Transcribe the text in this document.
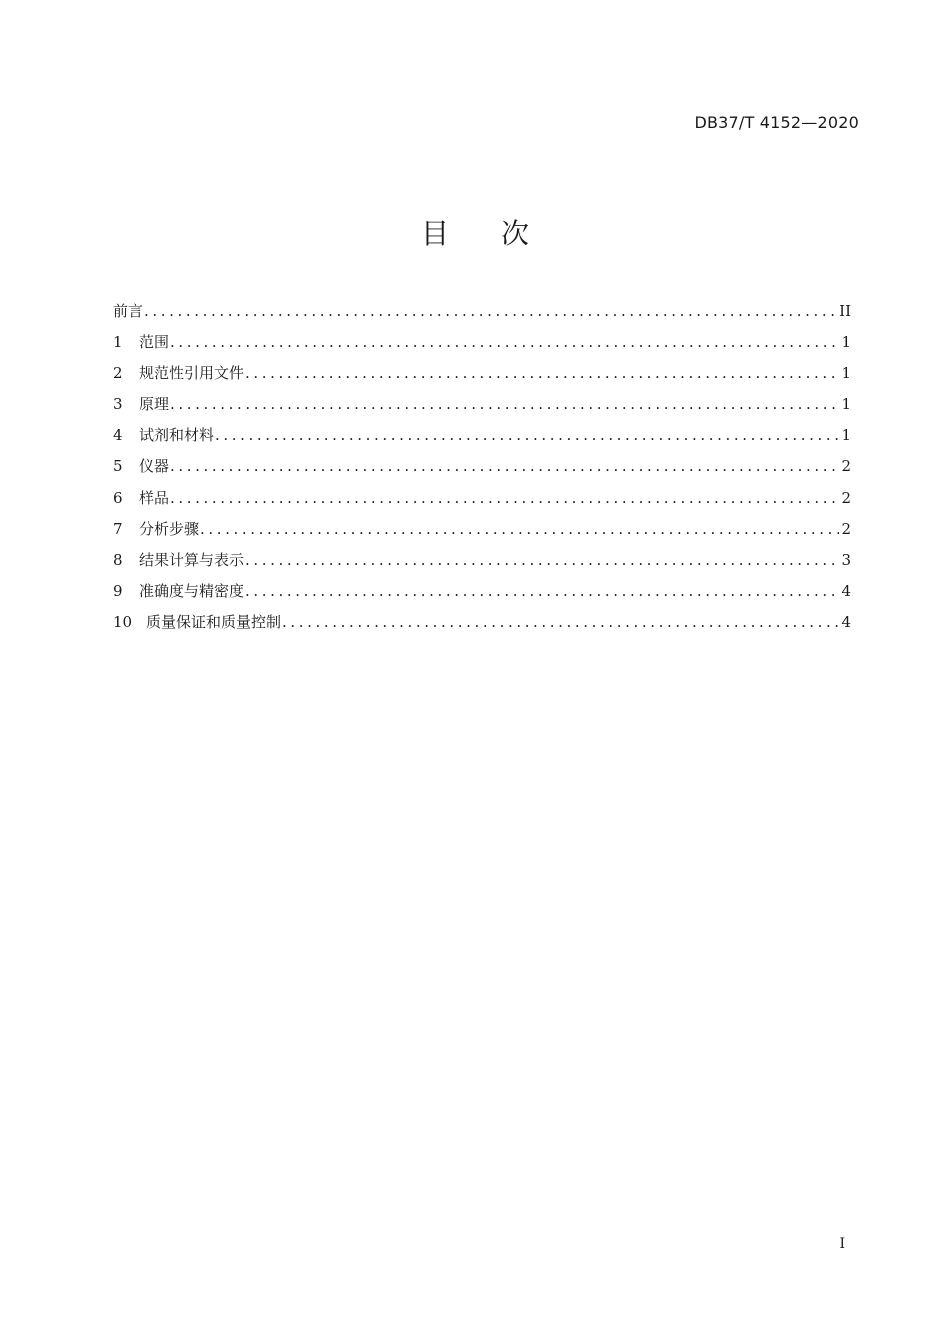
DB37/T 4152—2020
目次
前言 .....	II
1	范围 .....	1
2	规范性引用文件 .....	1
3	原理 .....	1
4	试剂和材料 .....	1
5	仪器 .....	2
6	样品 .....	2
7	分析步骤 .....	2
8	结果计算与表示 .....	3
9	准确度与精密度 .....	4
10 质量保证和质量控制 .....	4
I
